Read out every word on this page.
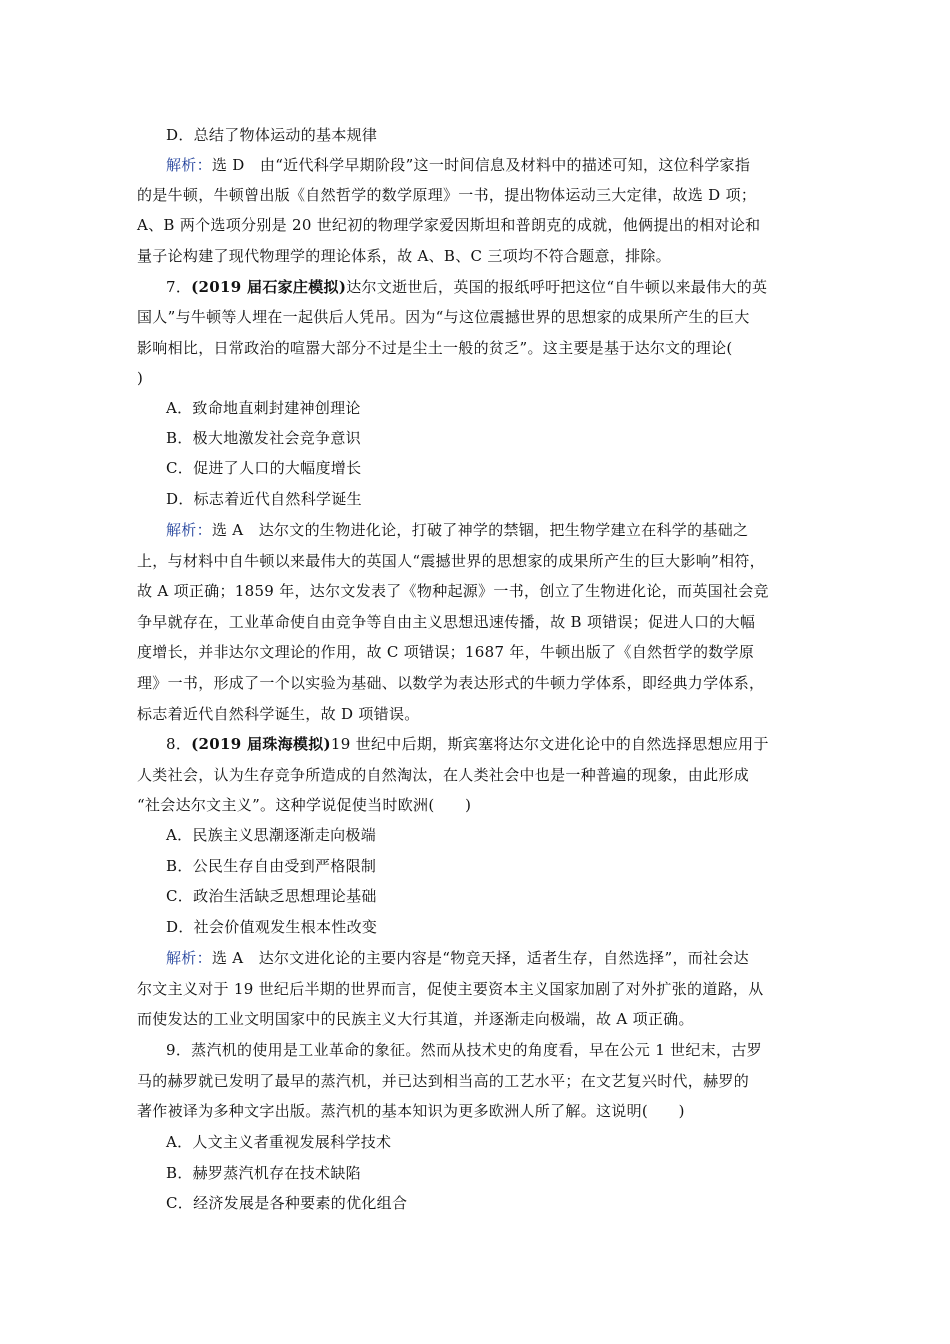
D．总结了物体运动的基本规律
解析：选 D　由“近代科学早期阶段”这一时间信息及材料中的描述可知，这位科学家指
的是牛顿，牛顿曾出版《自然哲学的数学原理》一书，提出物体运动三大定律，故选 D 项；
A、B 两个选项分别是 20 世纪初的物理学家爱因斯坦和普朗克的成就，他俩提出的相对论和
量子论构建了现代物理学的理论体系，故 A、B、C 三项均不符合题意，排除。
7．(2019 届石家庄模拟)达尔文逝世后，英国的报纸呼吁把这位“自牛顿以来最伟大的英
国人”与牛顿等人埋在一起供后人凭吊。因为“与这位震撼世界的思想家的成果所产生的巨大
影响相比，日常政治的喧嚣大部分不过是尘土一般的贫乏”。这主要是基于达尔文的理论(
)
A．致命地直刺封建神创理论
B．极大地激发社会竞争意识
C．促进了人口的大幅度增长
D．标志着近代自然科学诞生
解析：选 A　达尔文的生物进化论，打破了神学的禁锢，把生物学建立在科学的基础之
上，与材料中自牛顿以来最伟大的英国人“震撼世界的思想家的成果所产生的巨大影响”相符，
故 A 项正确；1859 年，达尔文发表了《物种起源》一书，创立了生物进化论，而英国社会竞
争早就存在，工业革命使自由竞争等自由主义思想迅速传播，故 B 项错误；促进人口的大幅
度增长，并非达尔文理论的作用，故 C 项错误；1687 年，牛顿出版了《自然哲学的数学原
理》一书，形成了一个以实验为基础、以数学为表达形式的牛顿力学体系，即经典力学体系，
标志着近代自然科学诞生，故 D 项错误。
8．(2019 届珠海模拟)19 世纪中后期，斯宾塞将达尔文进化论中的自然选择思想应用于
人类社会，认为生存竞争所造成的自然淘汰，在人类社会中也是一种普遍的现象，由此形成
“社会达尔文主义”。这种学说促使当时欧洲(　　)
A．民族主义思潮逐渐走向极端
B．公民生存自由受到严格限制
C．政治生活缺乏思想理论基础
D．社会价值观发生根本性改变
解析：选 A　达尔文进化论的主要内容是“物竞天择，适者生存，自然选择”，而社会达
尔文主义对于 19 世纪后半期的世界而言，促使主要资本主义国家加剧了对外扩张的道路，从
而使发达的工业文明国家中的民族主义大行其道，并逐渐走向极端，故 A 项正确。
9．蒸汽机的使用是工业革命的象征。然而从技术史的角度看，早在公元 1 世纪末，古罗
马的赫罗就已发明了最早的蒸汽机，并已达到相当高的工艺水平；在文艺复兴时代，赫罗的
著作被译为多种文字出版。蒸汽机的基本知识为更多欧洲人所了解。这说明(　　)
A．人文主义者重视发展科学技术
B．赫罗蒸汽机存在技术缺陷
C．经济发展是各种要素的优化组合
